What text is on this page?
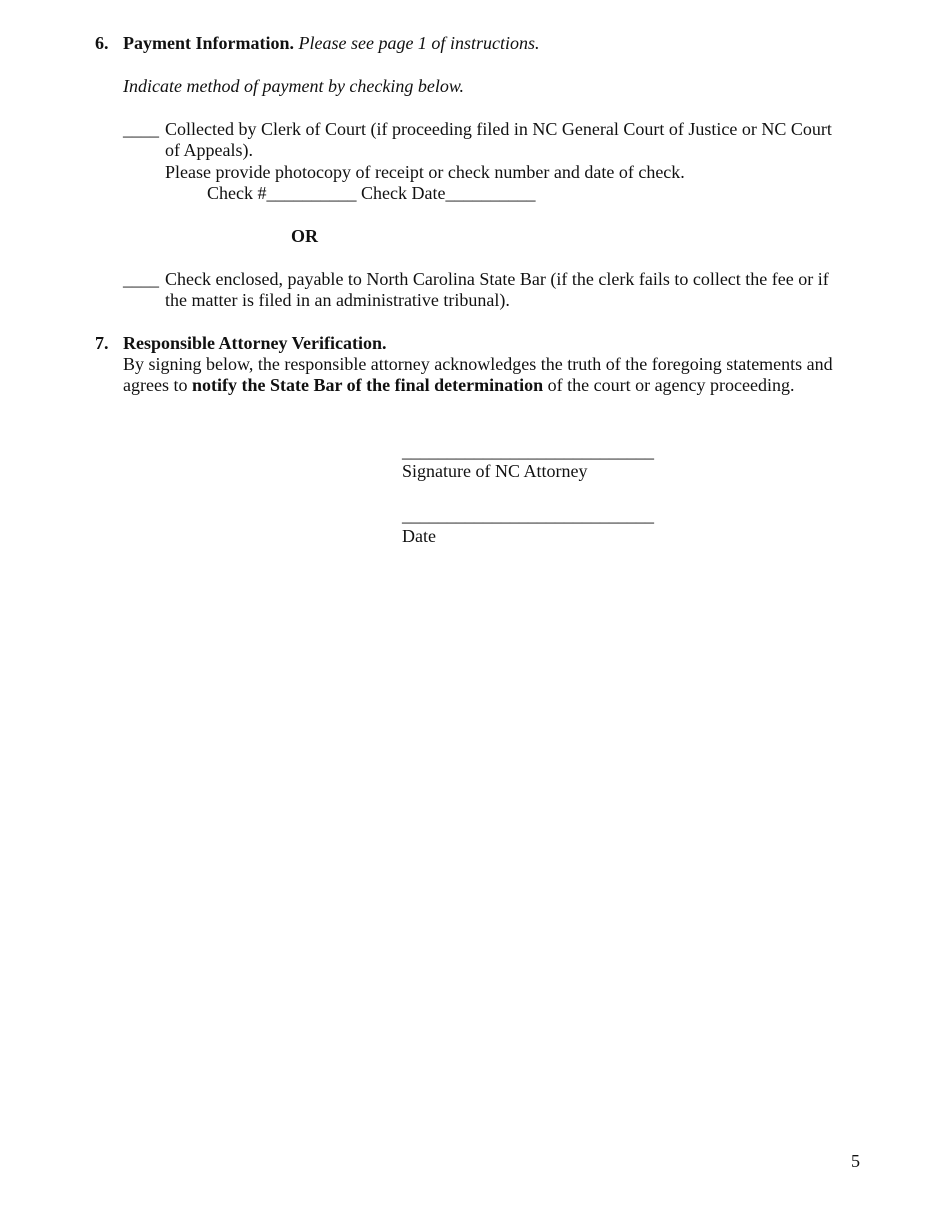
6. Payment Information. Please see page 1 of instructions.
Indicate method of payment by checking below.
____ Collected by Clerk of Court (if proceeding filed in NC General Court of Justice or NC Court
of Appeals).
Please provide photocopy of receipt or check number and date of check.
Check #__________ Check Date__________
OR
____ Check enclosed, payable to North Carolina State Bar (if the clerk fails to collect the fee or if
the matter is filed in an administrative tribunal).
7. Responsible Attorney Verification.
By signing below, the responsible attorney acknowledges the truth of the foregoing statements and
agrees to notify the State Bar of the final determination of the court or agency proceeding.
____________________________
Signature of NC Attorney
____________________________
Date
5
